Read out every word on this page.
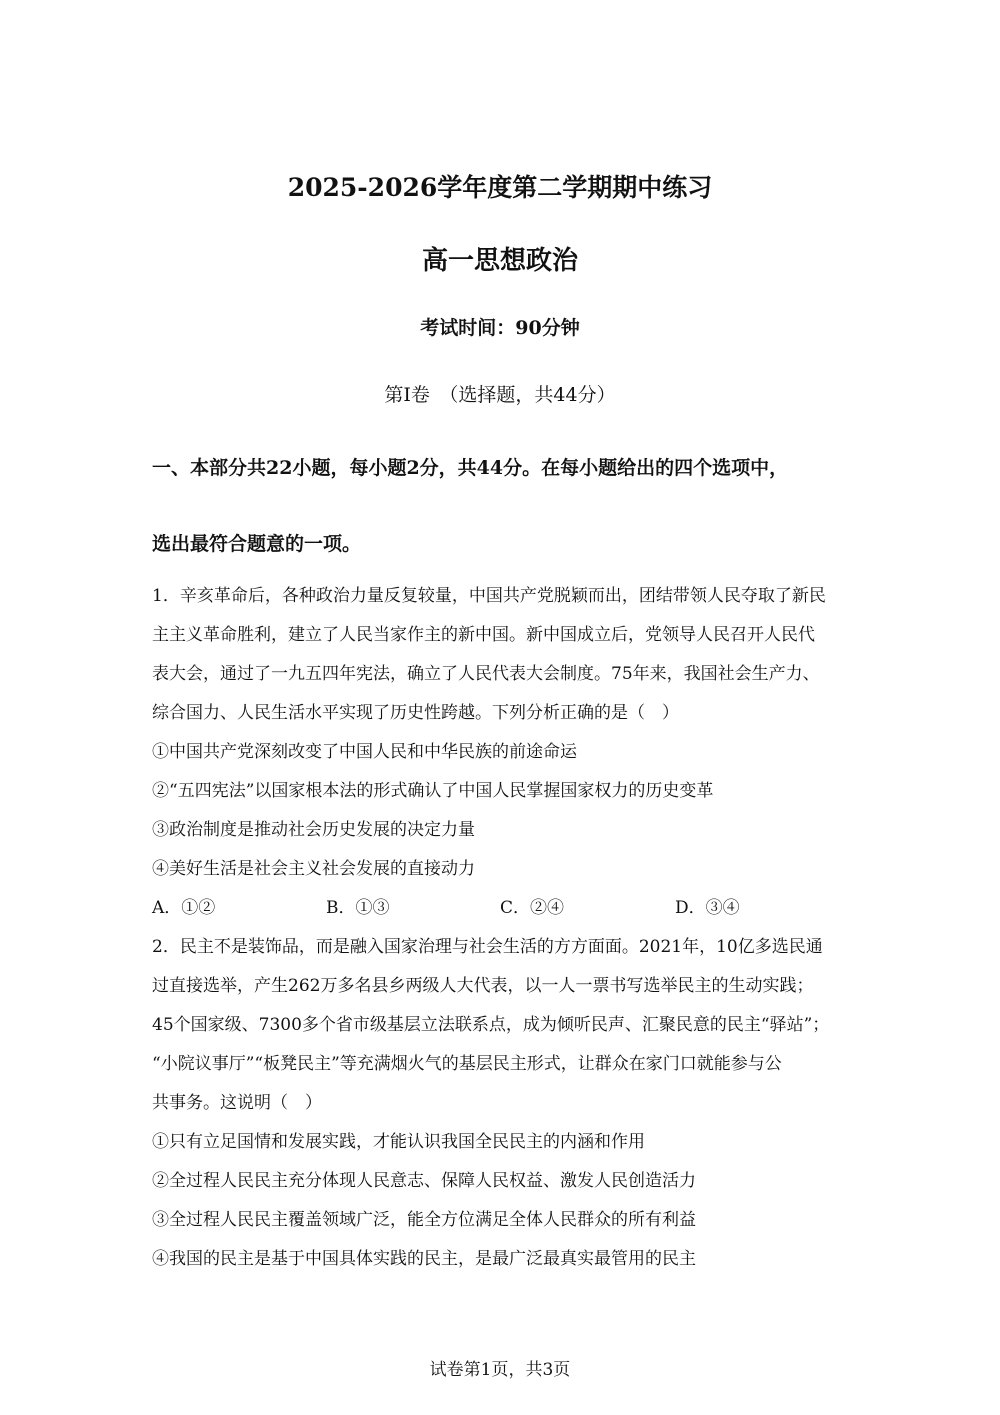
2025-2026学年度第二学期期中练习
高一思想政治
考试时间：90分钟
第I卷　（选择题，共44分）
一、本部分共22小题，每小题2分，共44分。在每小题给出的四个选项中，
选出最符合题意的一项。
1．辛亥革命后，各种政治力量反复较量，中国共产党脱颖而出，团结带领人民夺取了新民
主主义革命胜利，建立了人民当家作主的新中国。新中国成立后，党领导人民召开人民代
表大会，通过了一九五四年宪法，确立了人民代表大会制度。75年来，我国社会生产力、
综合国力、人民生活水平实现了历史性跨越。下列分析正确的是（　）
①中国共产党深刻改变了中国人民和中华民族的前途命运
②“五四宪法”以国家根本法的形式确认了中国人民掌握国家权力的历史变革
③政治制度是推动社会历史发展的决定力量
④美好生活是社会主义社会发展的直接动力
A．①②	B．①③	C．②④	D．③④
2．民主不是装饰品，而是融入国家治理与社会生活的方方面面。2021年，10亿多选民通
过直接选举，产生262万多名县乡两级人大代表，以一人一票书写选举民主的生动实践；
45个国家级、7300多个省市级基层立法联系点，成为倾听民声、汇聚民意的民主“驿站”；
“小院议事厅”“板凳民主”等充满烟火气的基层民主形式，让群众在家门口就能参与公
共事务。这说明（　）
①只有立足国情和发展实践，才能认识我国全民民主的内涵和作用
②全过程人民民主充分体现人民意志、保障人民权益、激发人民创造活力
③全过程人民民主覆盖领域广泛，能全方位满足全体人民群众的所有利益
④我国的民主是基于中国具体实践的民主，是最广泛最真实最管用的民主
试卷第1页，共3页
